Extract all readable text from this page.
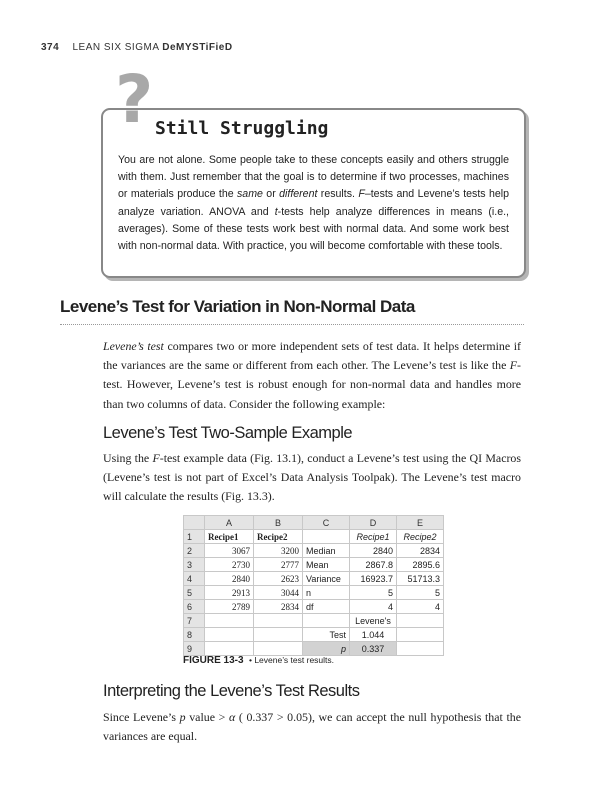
374 LEAN SIX SIGMA DeMYSTiFieD
? Still Struggling
You are not alone. Some people take to these concepts easily and others struggle with them. Just remember that the goal is to determine if two processes, machines or materials produce the same or different results. F–tests and Levene’s tests help analyze variation. ANOVA and t-tests help analyze differences in means (i.e., averages). Some of these tests work best with normal data. And some work best with non-normal data. With practice, you will become comfortable with these tools.
Levene’s Test for Variation in Non-Normal Data

Levene’s test compares two or more independent sets of test data. It helps determine if the variances are the same or different from each other. The Levene’s test is like the F-test. However, Levene’s test is robust enough for non-normal data and handles more than two columns of data. Consider the following example:

Levene’s Test Two-Sample Example

Using the F-test example data (Fig. 13.1), conduct a Levene’s test using the QI Macros (Levene’s test is not part of Excel’s Data Analysis Toolpak). The Levene’s test macro will calculate the results (Fig. 13.3).

	A	B	C	D	E
1	Recipe1	Recipe2		Recipe1	Recipe2
2	3067	3200	Median	2840	2834
3	2730	2777	Mean	2867.8	2895.6
4	2840	2623	Variance	16923.7	51713.3
5	2913	3044	n	5	5
6	2789	2834	df	4	4
7				Levene's	
8			Test	1.044	
9			p	0.337	
FIGURE 13-3 • Levene’s test results.
Interpreting the Levene’s Test Results

Since Levene’s p value > α ( 0.337 > 0.05), we can accept the null hypothesis that the variances are equal.
